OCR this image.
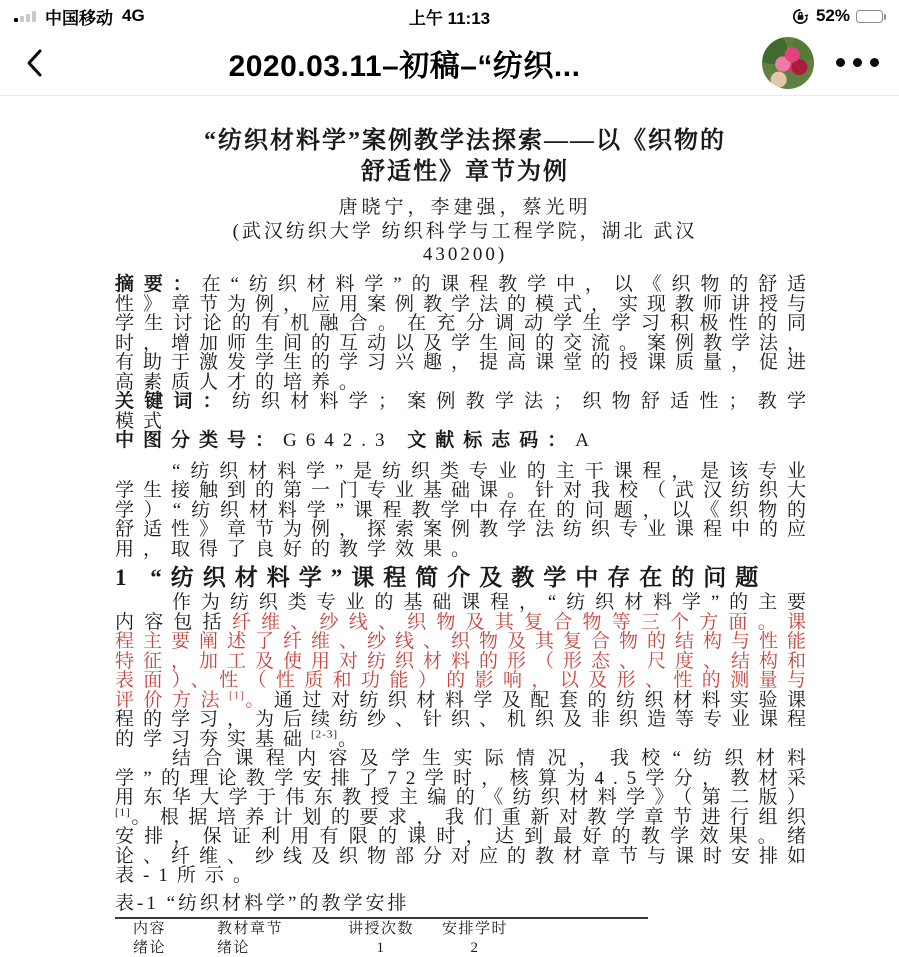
中国移动 4G	上午 11:13	52%
2020.03.11–初稿–“纺织...
“纺织材料学”案例教学法探索——以《织物的舒适性》章节为例
唐晓宁，李建强，蔡光明
(武汉纺织大学 纺织科学与工程学院，湖北 武汉
430200)
摘要：在“纺织材料学”的课程教学中，以《织物的舒适性》章节为例，应用案例教学法的模式，实现教师讲授与学生讨论的有机融合。在充分调动学生学习积极性的同时，增加师生间的互动以及学生间的交流。案例教学法，有助于激发学生的学习兴趣，提高课堂的授课质量，促进高素质人才的培养。
关键词：纺织材料学；案例教学法；织物舒适性；教学模式
中图分类号：G642.3 文献标志码：A

“纺织材料学”是纺织类专业的主干课程，是该专业学生接触到的第一门专业基础课。针对我校（武汉纺织大学）“纺织材料学”课程教学中存在的问题，以《织物的舒适性》章节为例，探索案例教学法纺织专业课程中的应用，取得了良好的教学效果。

1 “纺织材料学”课程简介及教学中存在的问题

作为纺织类专业的基础课程，“纺织材料学”的主要内容包括纤维、纱线、织物及其复合物等三个方面。课程主要阐述了纤维、纱线、织物及其复合物的结构与性能特征，加工及使用对纺织材料的形（形态、尺度、结构和表面）、性（性质和功能）的影响，以及形、性的测量与评价方法[1]。通过对纺织材料学及配套的纺织材料实验课程的学习，为后续纺纱、针织、机织及非织造等专业课程的学习夯实基础[2-3]。

结合课程内容及学生实际情况，我校“纺织材料学”的理论教学安排了72学时，核算为4.5学分，教材采用东华大学于伟东教授主编的《纺织材料学》（第二版）[1]。根据培养计划的要求，我们重新对教学章节进行组织安排，保证利用有限的课时，达到最好的教学效果。绪论、纤维、纱线及织物部分对应的教材章节与课时安排如表-1所示。

表-1 “纺织材料学”的教学安排
内容	教材章节	讲授次数	安排学时
绪论	绪论	1	2
